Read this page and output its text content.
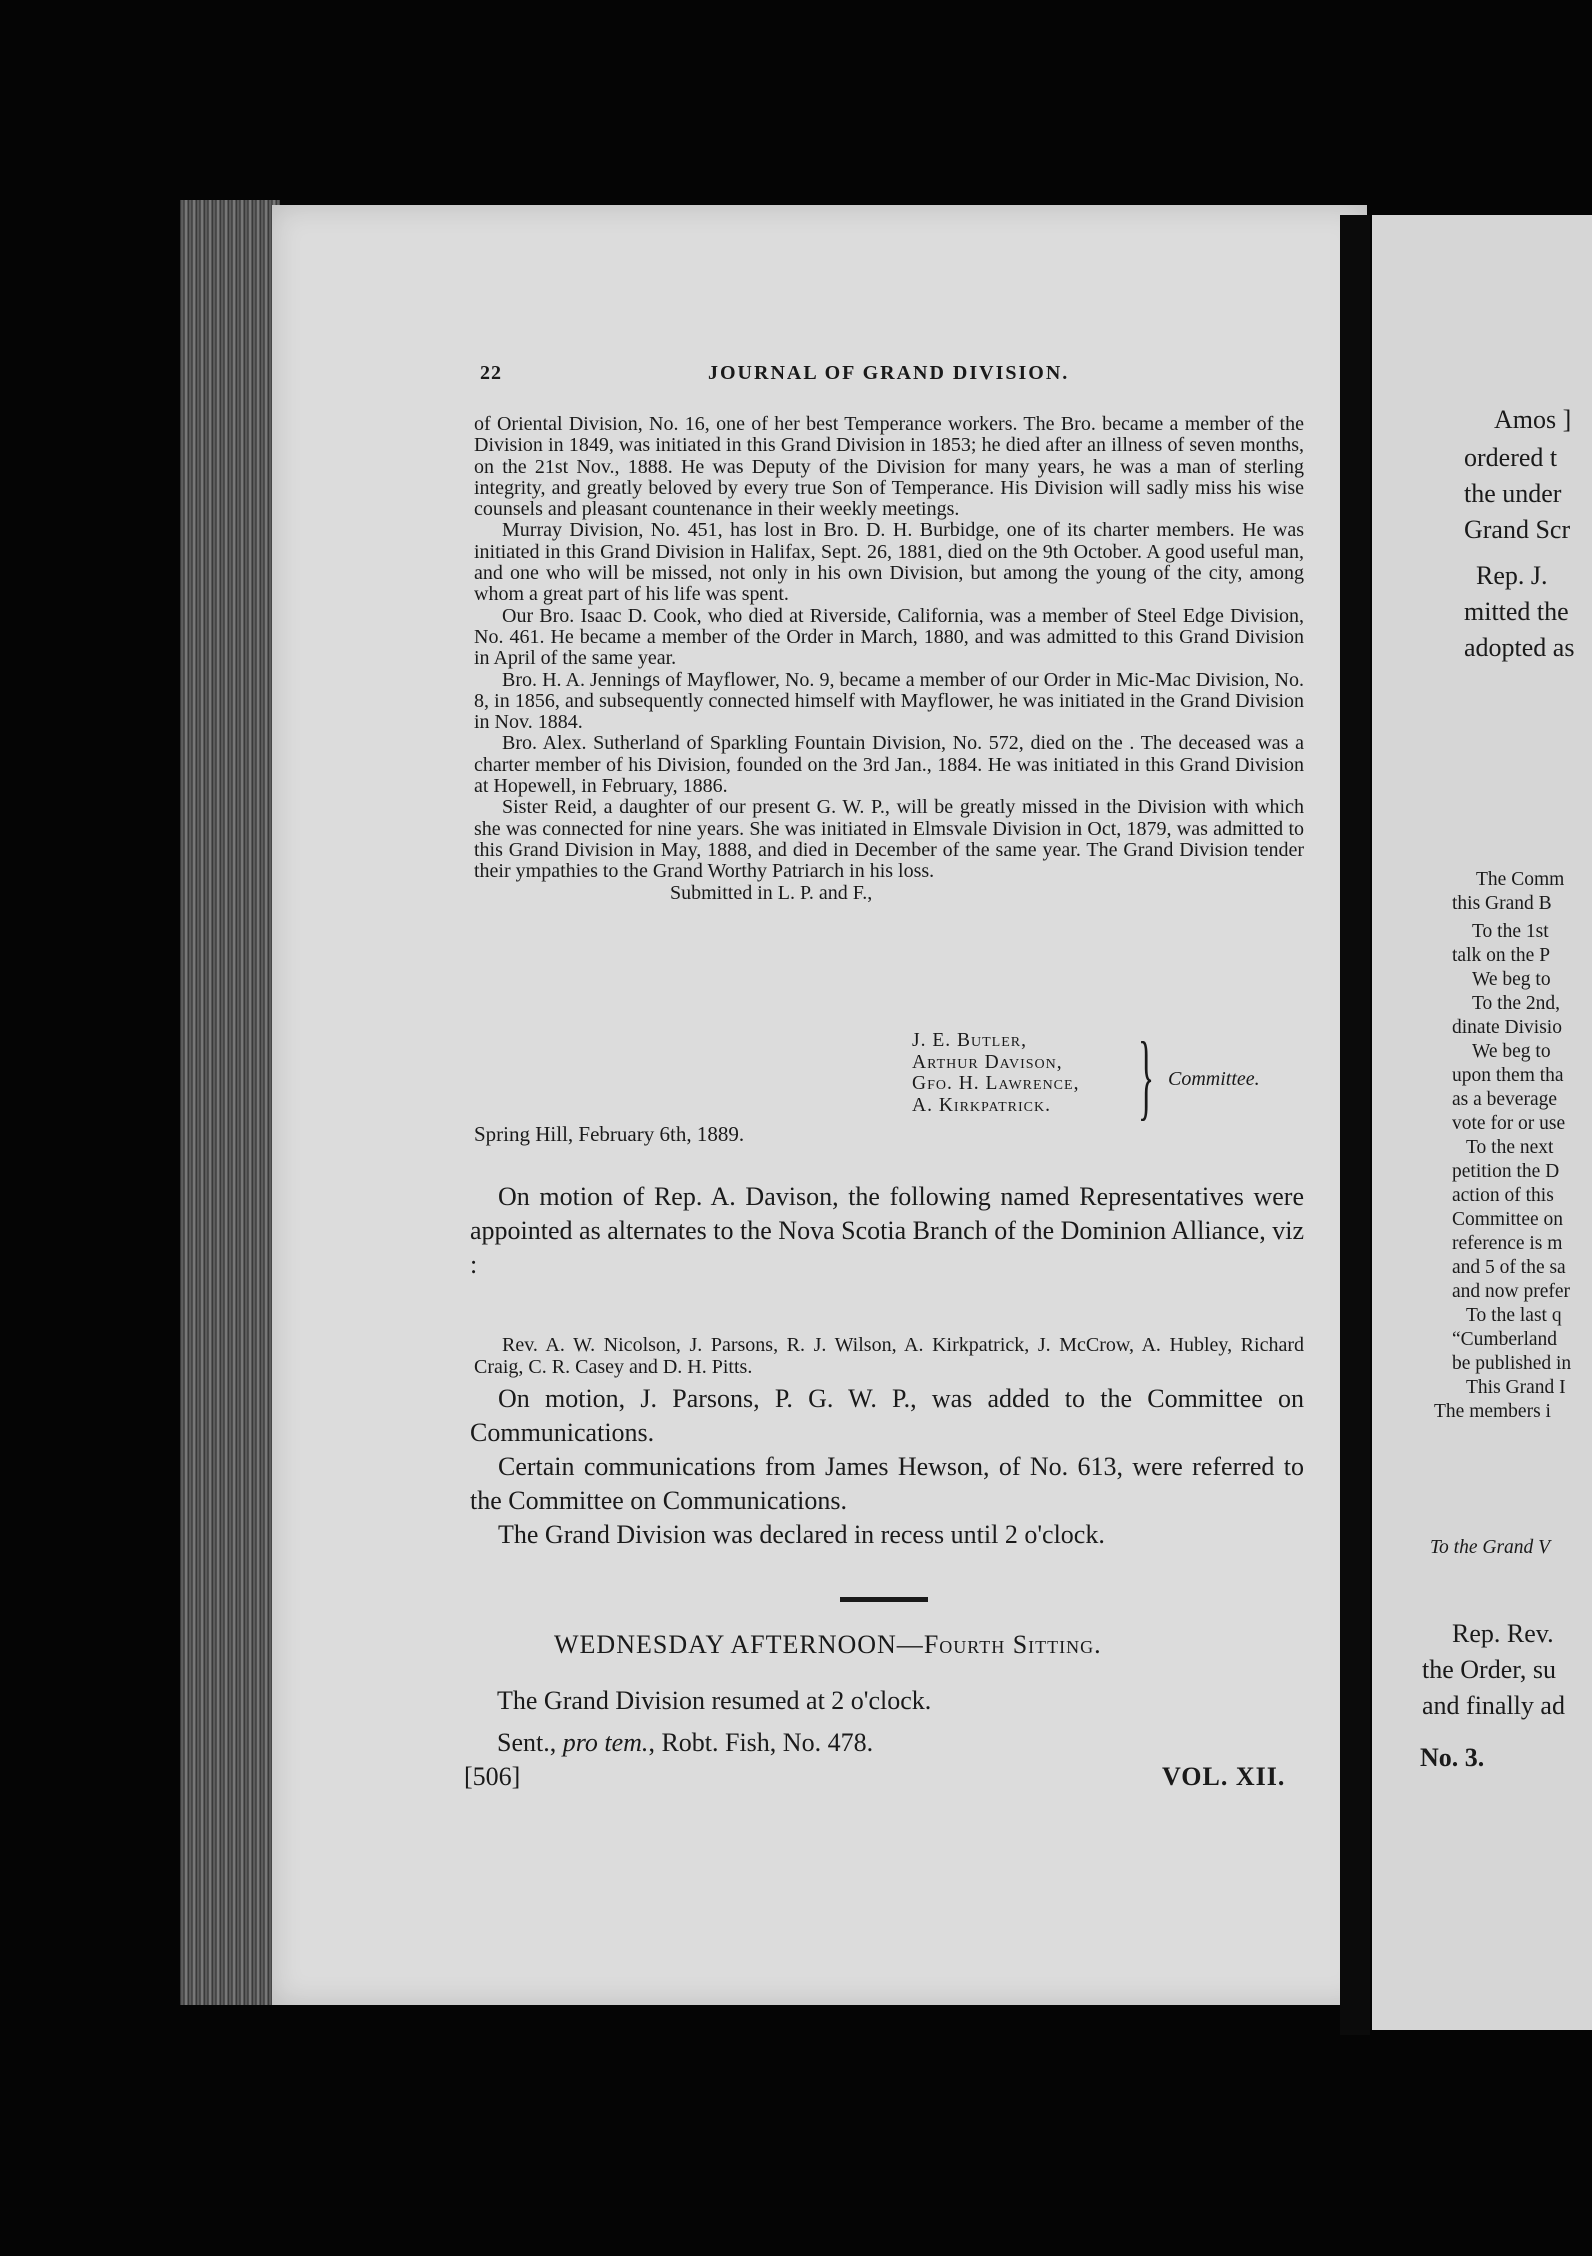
22	JOURNAL OF GRAND DIVISION.

of Oriental Division, No. 16, one of her best Temperance workers. The Bro. became a member of the Division in 1849, was initiated in this Grand Division in 1853; he died after an illness of seven months, on the 21st Nov., 1888. He was Deputy of the Division for many years, he was a man of sterling integrity, and greatly beloved by every true Son of Temperance. His Division will sadly miss his wise counsels and pleasant countenance in their weekly meetings.

Murray Division, No. 451, has lost in Bro. D. H. Burbidge, one of its charter members. He was initiated in this Grand Division in Halifax, Sept. 26, 1881, died on the 9th October. A good useful man, and one who will be missed, not only in his own Division, but among the young of the city, among whom a great part of his life was spent.

Our Bro. Isaac D. Cook, who died at Riverside, California, was a member of Steel Edge Division, No. 461. He became a member of the Order in March, 1880, and was admitted to this Grand Division in April of the same year.

Bro. H. A. Jennings of Mayflower, No. 9, became a member of our Order in Mic-Mac Division, No. 8, in 1856, and subsequently connected himself with Mayflower, he was initiated in the Grand Division in Nov. 1884.

Bro. Alex. Sutherland of Sparkling Fountain Division, No. 572, died on the . The deceased was a charter member of his Division, founded on the 3rd Jan., 1884. He was initiated in this Grand Division at Hopewell, in February, 1886.

Sister Reid, a daughter of our present G. W. P., will be greatly missed in the Division with which she was connected for nine years. She was initiated in Elmsvale Division in Oct, 1879, was admitted to this Grand Division in May, 1888, and died in December of the same year. The Grand Division tender their ympathies to the Grand Worthy Patriarch in his loss.

Submitted in L. P. and F.,

J. E. Butler,
Arthur Davison,
Gfo. H. Lawrence,
A. Kirkpatrick. } Committee.
Spring Hill, February 6th, 1889.

On motion of Rep. A. Davison, the following named Representatives were appointed as alternates to the Nova Scotia Branch of the Dominion Alliance, viz :

Rev. A. W. Nicolson, J. Parsons, R. J. Wilson, A. Kirkpatrick, J. McCrow, A. Hubley, Richard Craig, C. R. Casey and D. H. Pitts.

On motion, J. Parsons, P. G. W. P., was added to the Committee on Communications.

Certain communications from James Hewson, of No. 613, were referred to the Committee on Communications.

The Grand Division was declared in recess until 2 o'clock.

WEDNESDAY AFTERNOON—Fourth Sitting.
The Grand Division resumed at 2 o'clock.
Sent., pro tem., Robt. Fish, No. 478.
[506]	VOL. XII.
Amos ]
ordered t
the under
Grand Scr
Rep. J.
mitted the
adopted as
The Comm
this Grand B
To the 1st
talk on the P
We beg to
To the 2nd,
dinate Divisio
We beg to
upon them tha
as a beverage
vote for or use
To the next
petition the D
action of this
Committee on
reference is m
and 5 of the sa
and now prefer
To the last q
“Cumberland
be published in
This Grand I
The members i
To the Grand V
Rep. Rev.
the Order, su
and finally ad
No. 3.
